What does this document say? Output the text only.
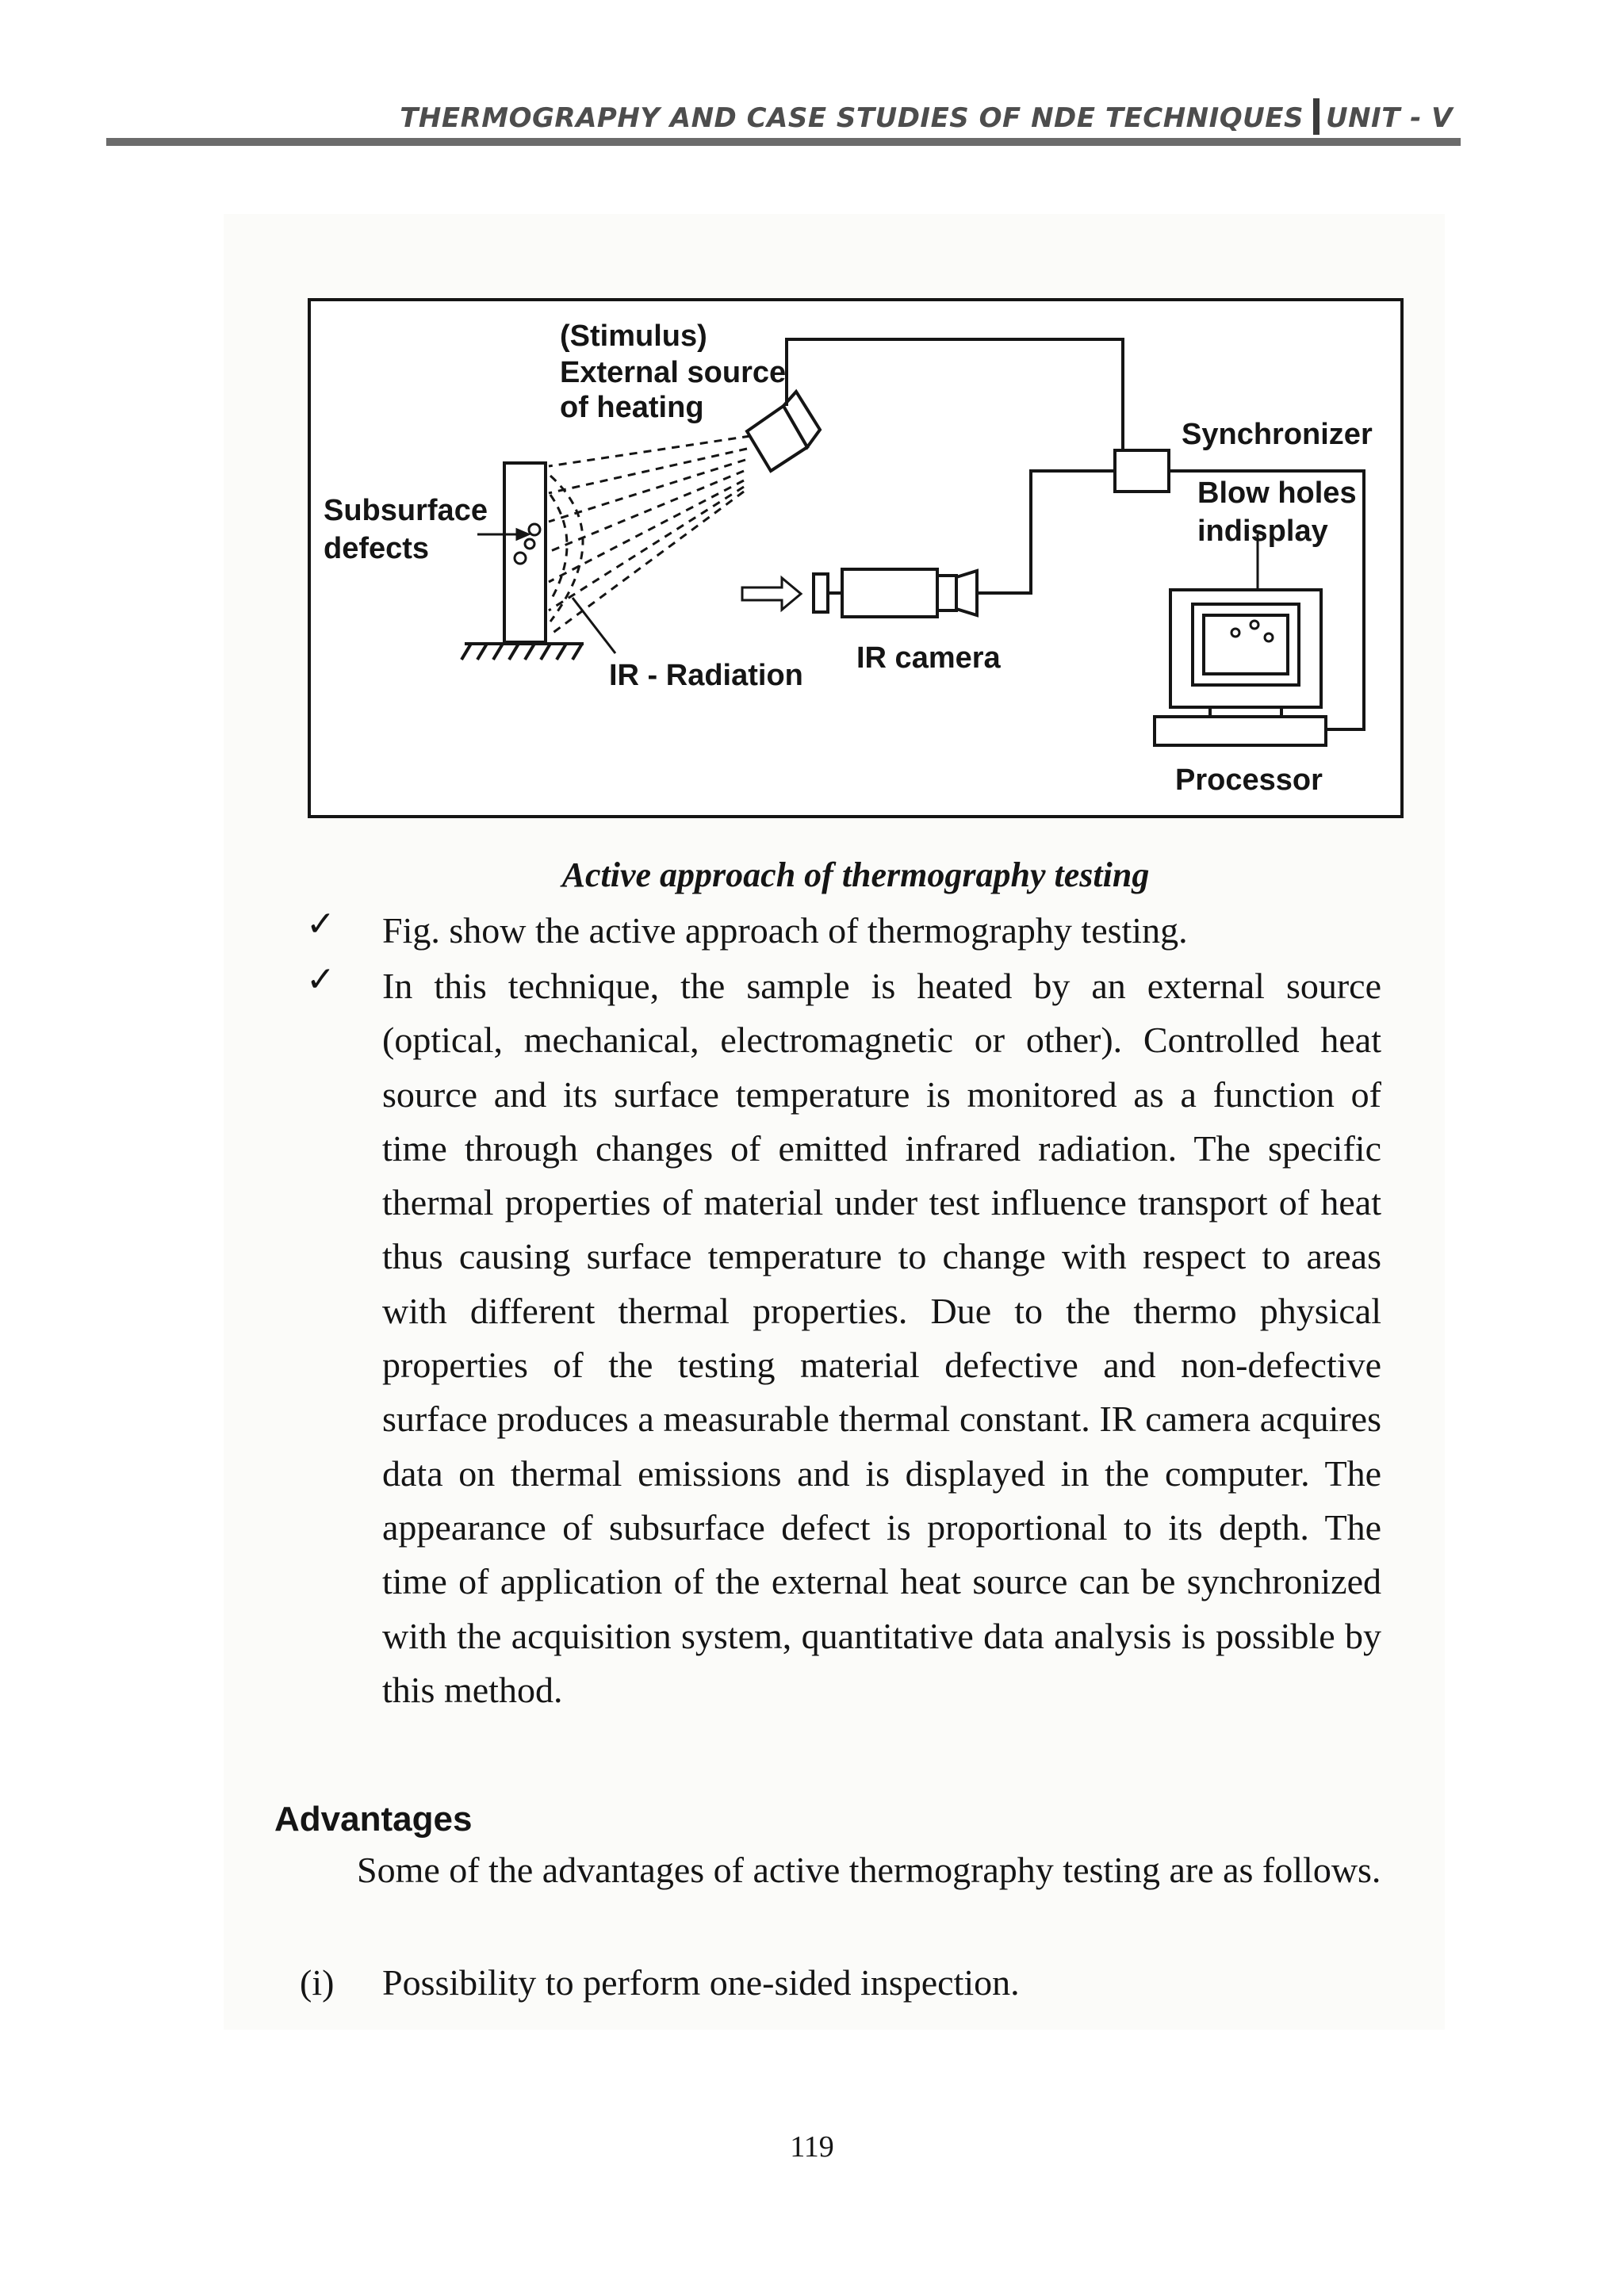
THERMOGRAPHY AND CASE STUDIES OF NDE TECHNIQUES UNIT - V
(Stimulus)
External source
of heating
Synchronizer
Blow holes
indisplay
Subsurface
defects
IR - Radiation
IR camera
Processor
Active approach of thermography testing
✓ Fig. show the active approach of thermography testing.
✓ In this technique, the sample is heated by an external source (optical, mechanical, electromagnetic or other). Controlled heat source and its surface temperature is monitored as a function of time through changes of emitted infrared radiation. The specific thermal properties of material under test influence transport of heat thus causing surface temperature to change with respect to areas with different thermal properties. Due to the thermo physical properties of the testing material defective and non-defective surface produces a measurable thermal constant. IR camera acquires data on thermal emissions and is displayed in the computer. The appearance of subsurface defect is proportional to its depth. The time of application of the external heat source can be synchronized with the acquisition system, quantitative data analysis is possible by this method.
Advantages
Some of the advantages of active thermography testing are as follows.
(i) Possibility to perform one-sided inspection.
119
